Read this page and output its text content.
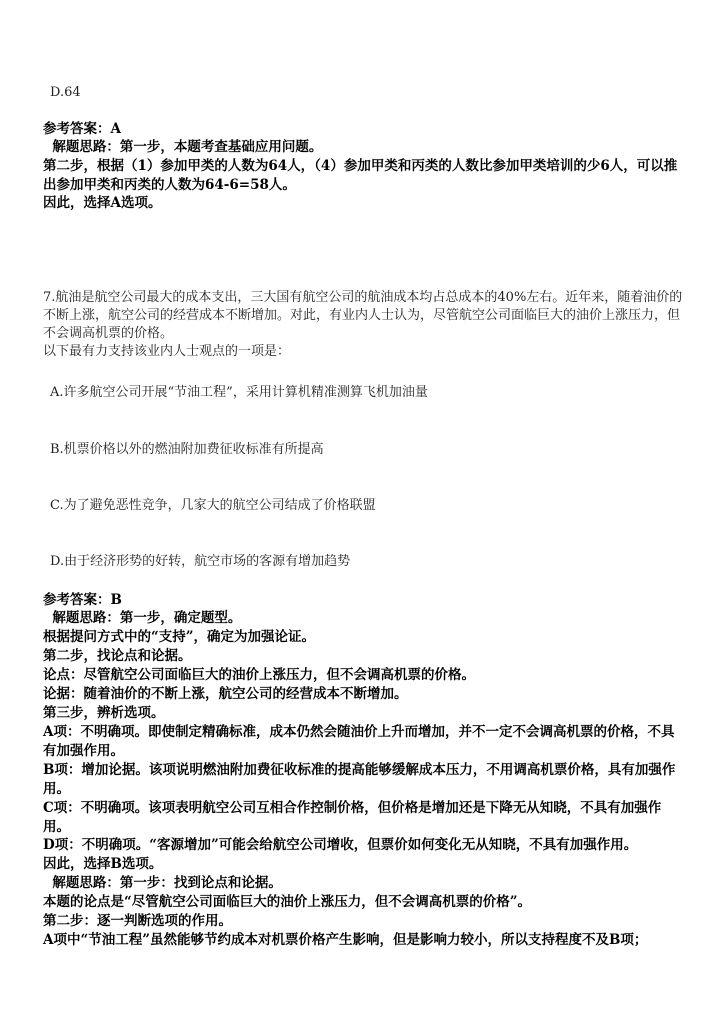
D.64
参考答案：A
解题思路：第一步，本题考查基础应用问题。
第二步，根据（1）参加甲类的人数为64人，（4）参加甲类和丙类的人数比参加甲类培训的少6人，可以推出参加甲类和丙类的人数为64-6=58人。
因此，选择A选项。
7.航油是航空公司最大的成本支出，三大国有航空公司的航油成本均占总成本的40%左右。近年来，随着油价的不断上涨，航空公司的经营成本不断增加。对此，有业内人士认为，尽管航空公司面临巨大的油价上涨压力，但不会调高机票的价格。
以下最有力支持该业内人士观点的一项是：
A.许多航空公司开展“节油工程”，采用计算机精准测算飞机加油量
B.机票价格以外的燃油附加费征收标准有所提高
C.为了避免恶性竞争，几家大的航空公司结成了价格联盟
D.由于经济形势的好转，航空市场的客源有增加趋势
参考答案：B
解题思路：第一步，确定题型。
根据提问方式中的“支持”，确定为加强论证。
第二步，找论点和论据。
论点：尽管航空公司面临巨大的油价上涨压力，但不会调高机票的价格。
论据：随着油价的不断上涨，航空公司的经营成本不断增加。
第三步，辨析选项。
A项：不明确项。即使制定精确标准，成本仍然会随油价上升而增加，并不一定不会调高机票的价格，不具有加强作用。
B项：增加论据。该项说明燃油附加费征收标准的提高能够缓解成本压力，不用调高机票价格，具有加强作用。
C项：不明确项。该项表明航空公司互相合作控制价格，但价格是增加还是下降无从知晓，不具有加强作用。
D项：不明确项。“客源增加”可能会给航空公司增收，但票价如何变化无从知晓，不具有加强作用。
因此，选择B选项。
解题思路：第一步：找到论点和论据。
本题的论点是“尽管航空公司面临巨大的油价上涨压力，但不会调高机票的价格”。
第二步：逐一判断选项的作用。
A项中“节油工程”虽然能够节约成本对机票价格产生影响，但是影响力较小，所以支持程度不及B项；
